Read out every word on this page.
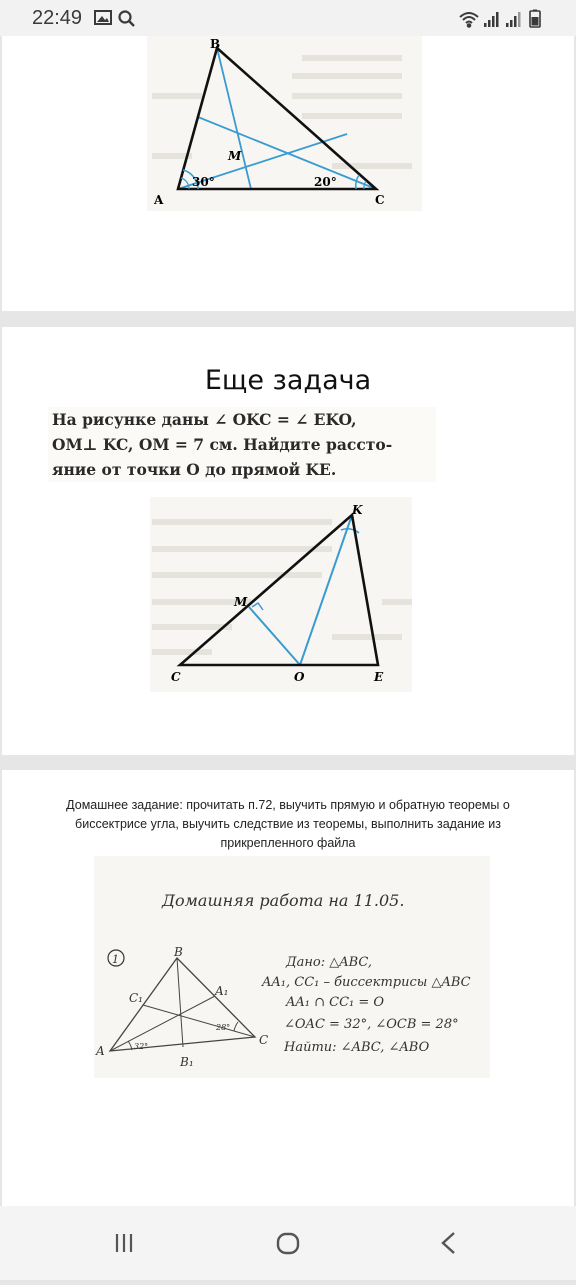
22:49
B
M
30°	20°
A	C
Еще задача
На рисунке даны ∠ OKC = ∠ EKO,
OM⊥ KC, OM = 7 см. Найдите рассто-
яние от точки O до прямой KE.
K
M
C	O	E
Домашнее задание: прочитать п.72, выучить прямую и обратную теоремы о биссектрисе угла, выучить следствие из теоремы, выполнить задание из прикрепленного файла
Домашняя работа на 11.05.
1
B
C₁	A₁
A
C
B₁
32°
28°
Дано: △ABC,
AA₁, CC₁ – биссектрисы △ABC
AA₁ ∩ CC₁ = O
∠OAC = 32°, ∠OCB = 28°
Найти: ∠ABC, ∠ABO
